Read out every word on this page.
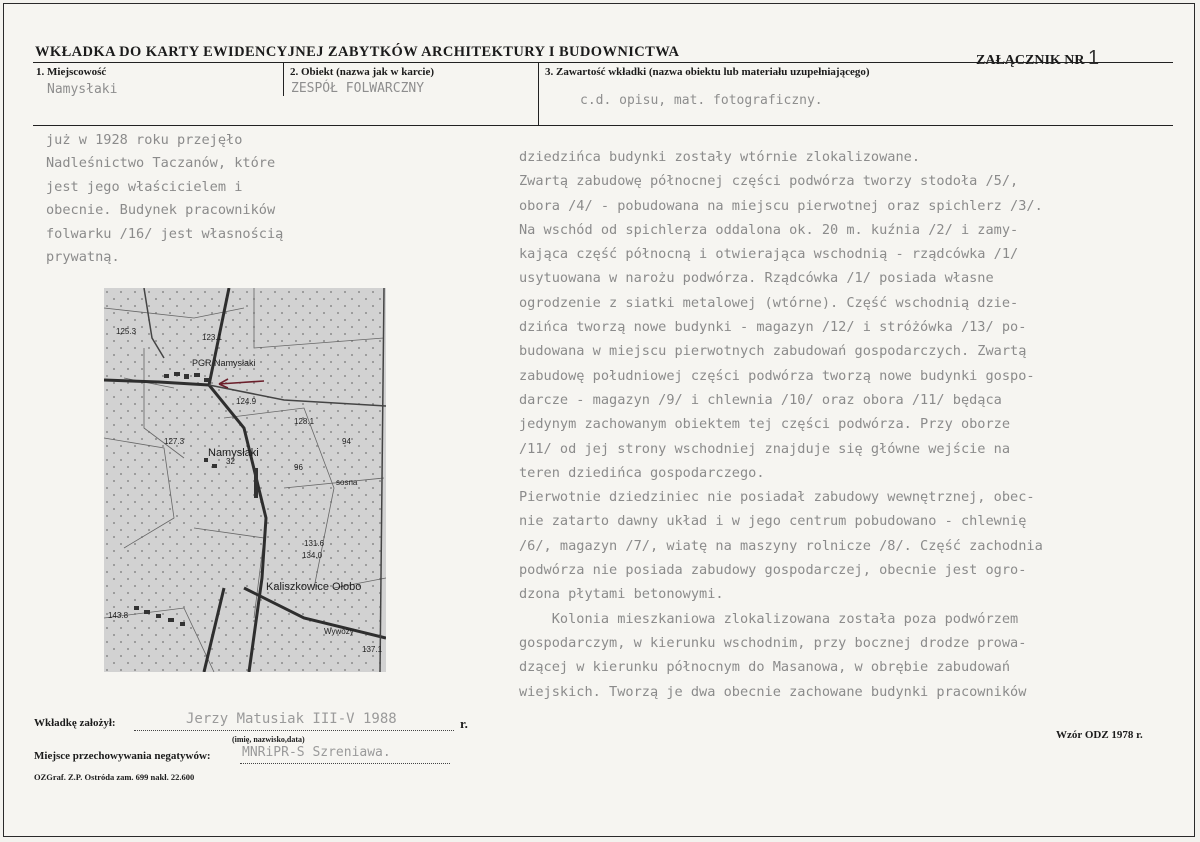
WKŁADKA DO KARTY EWIDENCYJNEJ ZABYTKÓW ARCHITEKTURY I BUDOWNICTWA
ZAŁĄCZNIK NR 1
1. Miejscowość
Namysłaki
2. Obiekt (nazwa jak w karcie)
ZESPÓŁ FOLWARCZNY
3. Zawartość wkładki (nazwa obiektu lub materiału uzupełniającego)
c.d. opisu, mat. fotograficzny.
już w 1928 roku przejęło
Nadleśnictwo Taczanów, które
jest jego właścicielem i
obecnie. Budynek pracowników
folwarku /16/ jest własnością
prywatną.
PGR Namysłaki
Namysłaki
Kaliszkowice Ołobo
Wywozy
sosna
125.3
123.1
124.9
128.1
127.3
131.6
134.0
143.8
137.1
94
96
32
dziedzińca budynki zostały wtórnie zlokalizowane.
Zwartą zabudowę północnej części podwórza tworzy stodoła /5/,
obora /4/ - pobudowana na miejscu pierwotnej oraz spichlerz /3/.
Na wschód od spichlerza oddalona ok. 20 m. kuźnia /2/ i zamy-
kająca część północną i otwierająca wschodnią - rządcówka /1/
usytuowana w narożu podwórza. Rządcówka /1/ posiada własne
ogrodzenie z siatki metalowej (wtórne). Część wschodnią dzie-
dzińca tworzą nowe budynki - magazyn /12/ i stróżówka /13/ po-
budowana w miejscu pierwotnych zabudowań gospodarczych. Zwartą
zabudowę południowej części podwórza tworzą nowe budynki gospo-
darcze - magazyn /9/ i chlewnia /10/ oraz obora /11/ będąca
jedynym zachowanym obiektem tej części podwórza. Przy oborze
/11/ od jej strony wschodniej znajduje się główne wejście na
teren dziedińca gospodarczego.
Pierwotnie dziedziniec nie posiadał zabudowy wewnętrznej, obec-
nie zatarto dawny układ i w jego centrum pobudowano - chlewnię
/6/, magazyn /7/, wiatę na maszyny rolnicze /8/. Część zachodnia
podwórza nie posiada zabudowy gospodarczej, obecnie jest ogro-
dzona płytami betonowymi.
Kolonia mieszkaniowa zlokalizowana została poza podwórzem
gospodarczym, w kierunku wschodnim, przy bocznej drodze prowa-
dzącej w kierunku północnym do Masanowa, w obrębie zabudowań
wiejskich. Tworzą je dwa obecnie zachowane budynki pracowników
Wkładkę założył:	Jerzy Matusiak III-V 1988	r.
(imię, nazwisko,data)
Miejsce przechowywania negatywów: MNRiPR-S Szreniawa.
OZGraf. Z.P. Ostróda zam. 699 nakł. 22.600
Wzór ODZ 1978 r.
